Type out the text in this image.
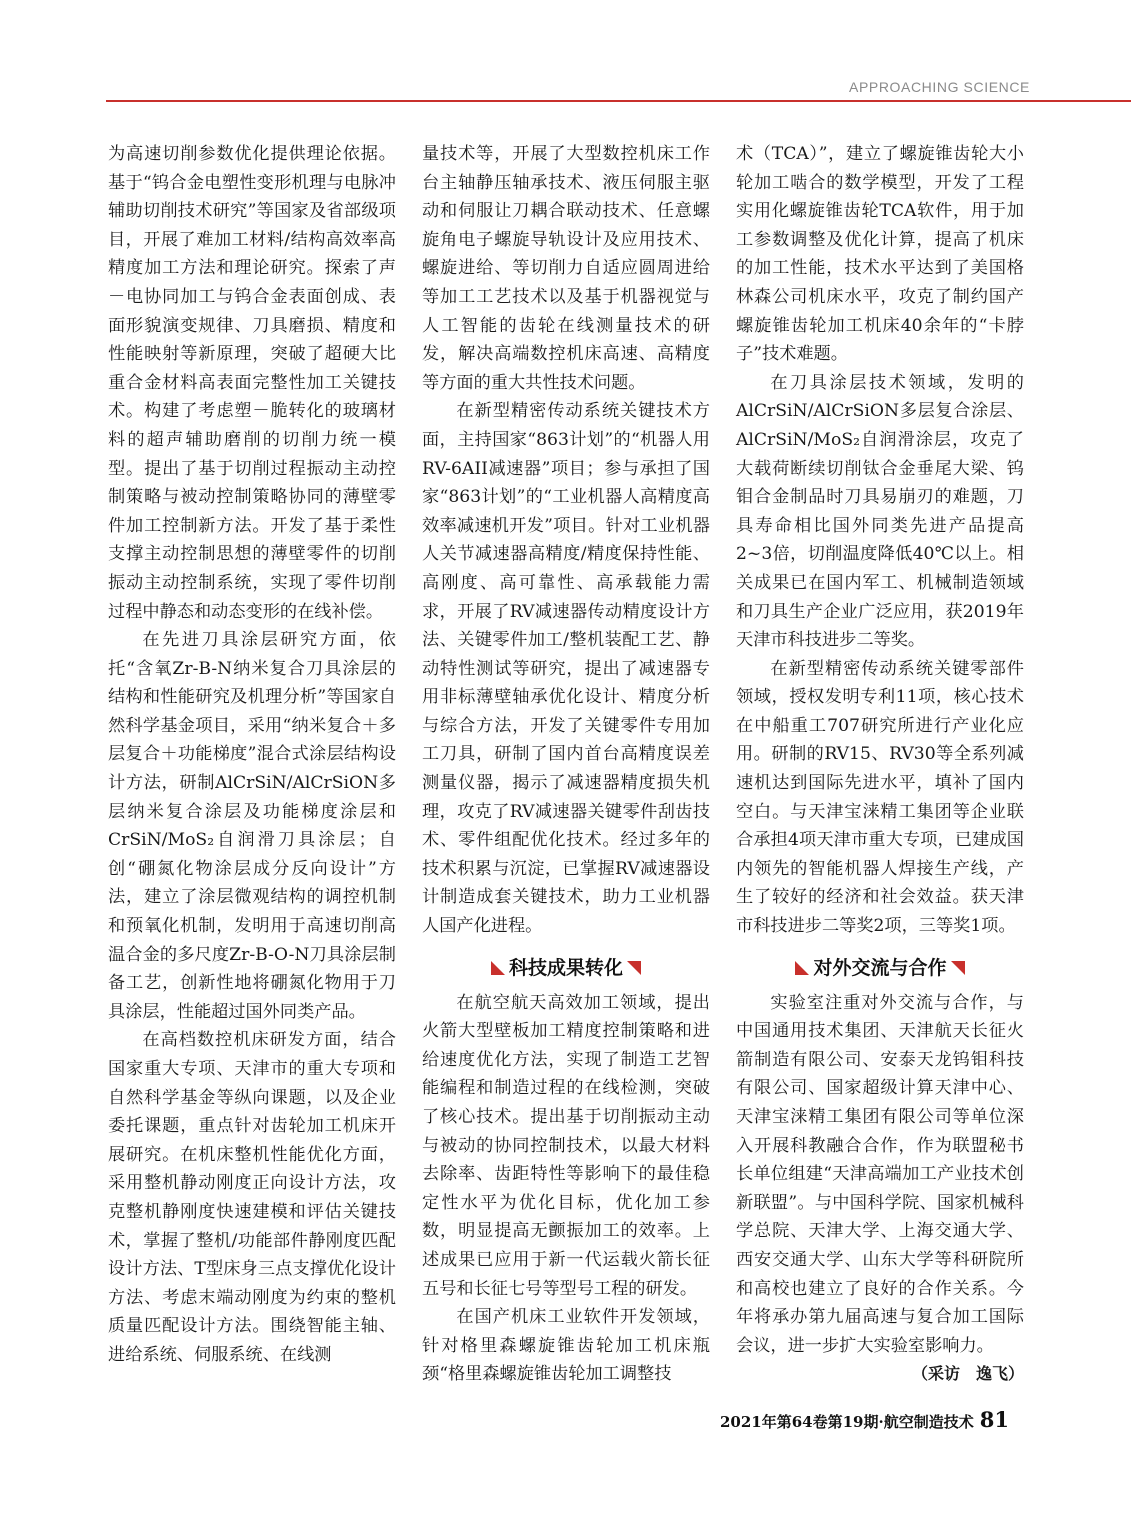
APPROACHING SCIENCE

为高速切削参数优化提供理论依据。基于“钨合金电塑性变形机理与电脉冲辅助切削技术研究”等国家及省部级项目，开展了难加工材料/结构高效率高精度加工方法和理论研究。探索了声－电协同加工与钨合金表面创成、表面形貌演变规律、刀具磨损、精度和性能映射等新原理，突破了超硬大比重合金材料高表面完整性加工关键技术。构建了考虑塑－脆转化的玻璃材料的超声辅助磨削的切削力统一模型。提出了基于切削过程振动主动控制策略与被动控制策略协同的薄壁零件加工控制新方法。开发了基于柔性支撑主动控制思想的薄壁零件的切削振动主动控制系统，实现了零件切削过程中静态和动态变形的在线补偿。

在先进刀具涂层研究方面，依托“含氧Zr-B-N纳米复合刀具涂层的结构和性能研究及机理分析”等国家自然科学基金项目，采用“纳米复合＋多层复合＋功能梯度”混合式涂层结构设计方法，研制AlCrSiN/AlCrSiON多层纳米复合涂层及功能梯度涂层和CrSiN/MoS₂自润滑刀具涂层；自创“硼氮化物涂层成分反向设计”方法，建立了涂层微观结构的调控机制和预氧化机制，发明用于高速切削高温合金的多尺度Zr-B-O-N刀具涂层制备工艺，创新性地将硼氮化物用于刀具涂层，性能超过国外同类产品。

在高档数控机床研发方面，结合国家重大专项、天津市的重大专项和自然科学基金等纵向课题，以及企业委托课题，重点针对齿轮加工机床开展研究。在机床整机性能优化方面，采用整机静动刚度正向设计方法，攻克整机静刚度快速建模和评估关键技术，掌握了整机/功能部件静刚度匹配设计方法、T型床身三点支撑优化设计方法、考虑末端动刚度为约束的整机质量匹配设计方法。围绕智能主轴、进给系统、伺服系统、在线测

量技术等，开展了大型数控机床工作台主轴静压轴承技术、液压伺服主驱动和伺服让刀耦合联动技术、任意螺旋角电子螺旋导轨设计及应用技术、螺旋进给、等切削力自适应圆周进给等加工工艺技术以及基于机器视觉与人工智能的齿轮在线测量技术的研发，解决高端数控机床高速、高精度等方面的重大共性技术问题。

在新型精密传动系统关键技术方面，主持国家“863计划”的“机器人用RV-6AII减速器”项目；参与承担了国家“863计划”的“工业机器人高精度高效率减速机开发”项目。针对工业机器人关节减速器高精度/精度保持性能、高刚度、高可靠性、高承载能力需求，开展了RV减速器传动精度设计方法、关键零件加工/整机装配工艺、静动特性测试等研究，提出了减速器专用非标薄壁轴承优化设计、精度分析与综合方法，开发了关键零件专用加工刀具，研制了国内首台高精度误差测量仪器，揭示了减速器精度损失机理，攻克了RV减速器关键零件刮齿技术、零件组配优化技术。经过多年的技术积累与沉淀，已掌握RV减速器设计制造成套关键技术，助力工业机器人国产化进程。

科技成果转化

在航空航天高效加工领域，提出火箭大型壁板加工精度控制策略和进给速度优化方法，实现了制造工艺智能编程和制造过程的在线检测，突破了核心技术。提出基于切削振动主动与被动的协同控制技术，以最大材料去除率、齿距特性等影响下的最佳稳定性水平为优化目标，优化加工参数，明显提高无颤振加工的效率。上述成果已应用于新一代运载火箭长征五号和长征七号等型号工程的研发。

在国产机床工业软件开发领域，针对格里森螺旋锥齿轮加工机床瓶颈“格里森螺旋锥齿轮加工调整技

术（TCA）”，建立了螺旋锥齿轮大小轮加工啮合的数学模型，开发了工程实用化螺旋锥齿轮TCA软件，用于加工参数调整及优化计算，提高了机床的加工性能，技术水平达到了美国格林森公司机床水平，攻克了制约国产螺旋锥齿轮加工机床40余年的“卡脖子”技术难题。

在刀具涂层技术领域，发明的AlCrSiN/AlCrSiON多层复合涂层、AlCrSiN/MoS₂自润滑涂层，攻克了大载荷断续切削钛合金垂尾大梁、钨钼合金制品时刀具易崩刃的难题，刀具寿命相比国外同类先进产品提高2~3倍，切削温度降低40℃以上。相关成果已在国内军工、机械制造领域和刀具生产企业广泛应用，获2019年天津市科技进步二等奖。

在新型精密传动系统关键零部件领域，授权发明专利11项，核心技术在中船重工707研究所进行产业化应用。研制的RV15、RV30等全系列减速机达到国际先进水平，填补了国内空白。与天津宝涞精工集团等企业联合承担4项天津市重大专项，已建成国内领先的智能机器人焊接生产线，产生了较好的经济和社会效益。获天津市科技进步二等奖2项，三等奖1项。

对外交流与合作

实验室注重对外交流与合作，与中国通用技术集团、天津航天长征火箭制造有限公司、安泰天龙钨钼科技有限公司、国家超级计算天津中心、天津宝涞精工集团有限公司等单位深入开展科教融合合作，作为联盟秘书长单位组建“天津高端加工产业技术创新联盟”。与中国科学院、国家机械科学总院、天津大学、上海交通大学、西安交通大学、山东大学等科研院所和高校也建立了良好的合作关系。今年将承办第九届高速与复合加工国际会议，进一步扩大实验室影响力。
（采访　逸飞）

2021年第64卷第19期·航空制造技术 81
